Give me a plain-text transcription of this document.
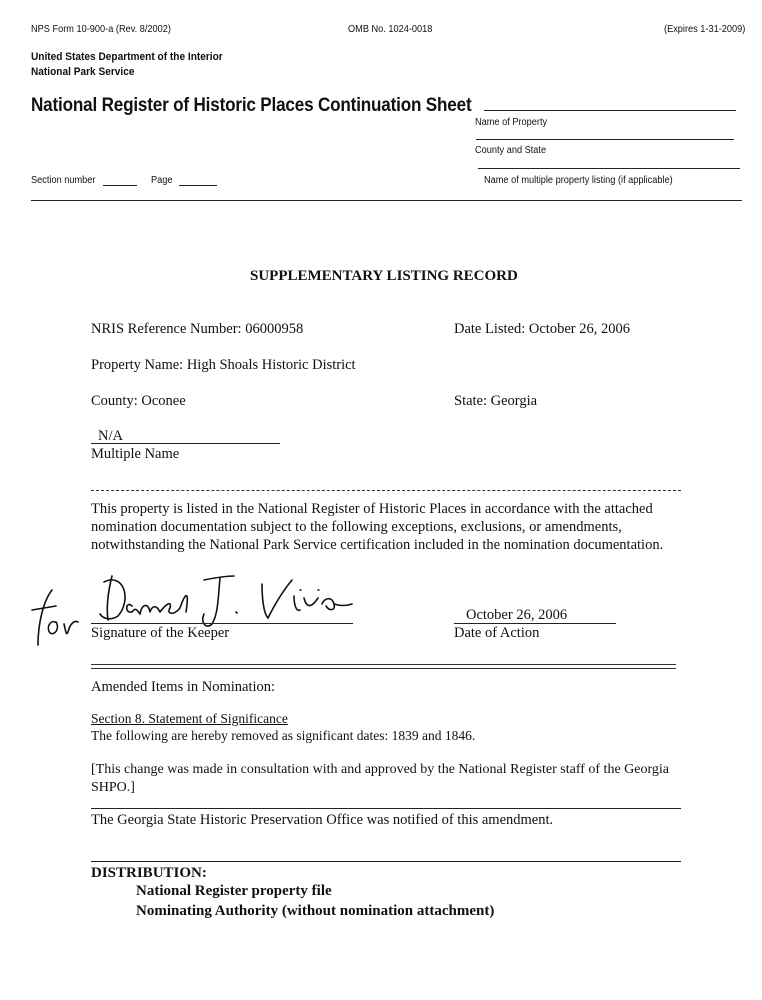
NPS Form 10-900-a (Rev. 8/2002)	OMB No. 1024-0018	(Expires 1-31-2009)
United States Department of the Interior
National Park Service
National Register of Historic Places Continuation Sheet
Name of Property
County and State
Name of multiple property listing (if applicable)
Section number	Page
SUPPLEMENTARY LISTING RECORD
NRIS Reference Number: 06000958	Date Listed: October 26, 2006
Property Name: High Shoals Historic District
County: Oconee	State: Georgia
N/A
Multiple Name
This property is listed in the National Register of Historic Places in accordance with the attached nomination documentation subject to the following exceptions, exclusions, or amendments, notwithstanding the National Park Service certification included in the nomination documentation.
Signature of the Keeper
October 26, 2006
Date of Action
Amended Items in Nomination:
Section 8. Statement of Significance
The following are hereby removed as significant dates: 1839 and 1846.
[This change was made in consultation with and approved by the National Register staff of the Georgia SHPO.]
The Georgia State Historic Preservation Office was notified of this amendment.
DISTRIBUTION:
National Register property file
Nominating Authority (without nomination attachment)
